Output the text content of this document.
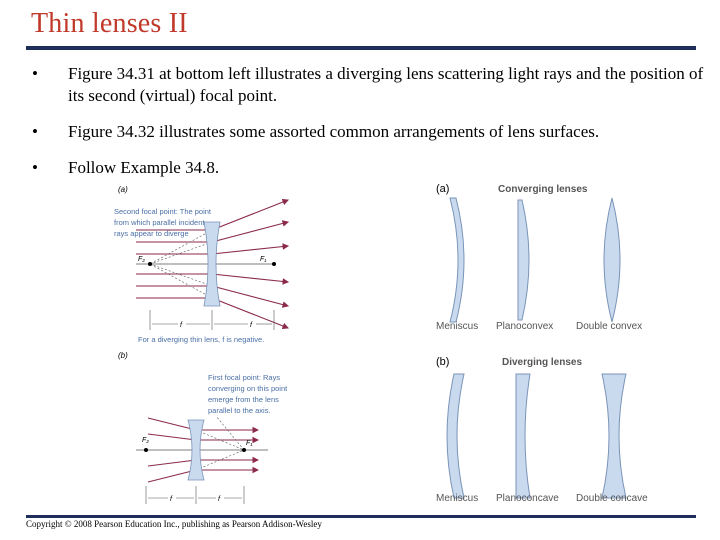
Thin lenses II
• Figure 34.31 at bottom left illustrates a diverging lens scattering light rays and the position of its second (virtual) focal point.
• Figure 34.32 illustrates some assorted common arrangements of lens surfaces.
• Follow Example 34.8.
(a)
Second focal point: The point
from which parallel incident
rays appear to diverge
F₂	F₁
f	f
For a diverging thin lens, f is negative.
(b)
First focal point: Rays
converging on this point
emerge from the lens
parallel to the axis.
F₂	F₁
f	f
(a)	Converging lenses
Meniscus Planoconvex Double convex
(b)	Diverging lenses
Meniscus Planoconcave Double concave
Copyright © 2008 Pearson Education Inc., publishing as Pearson Addison-Wesley
